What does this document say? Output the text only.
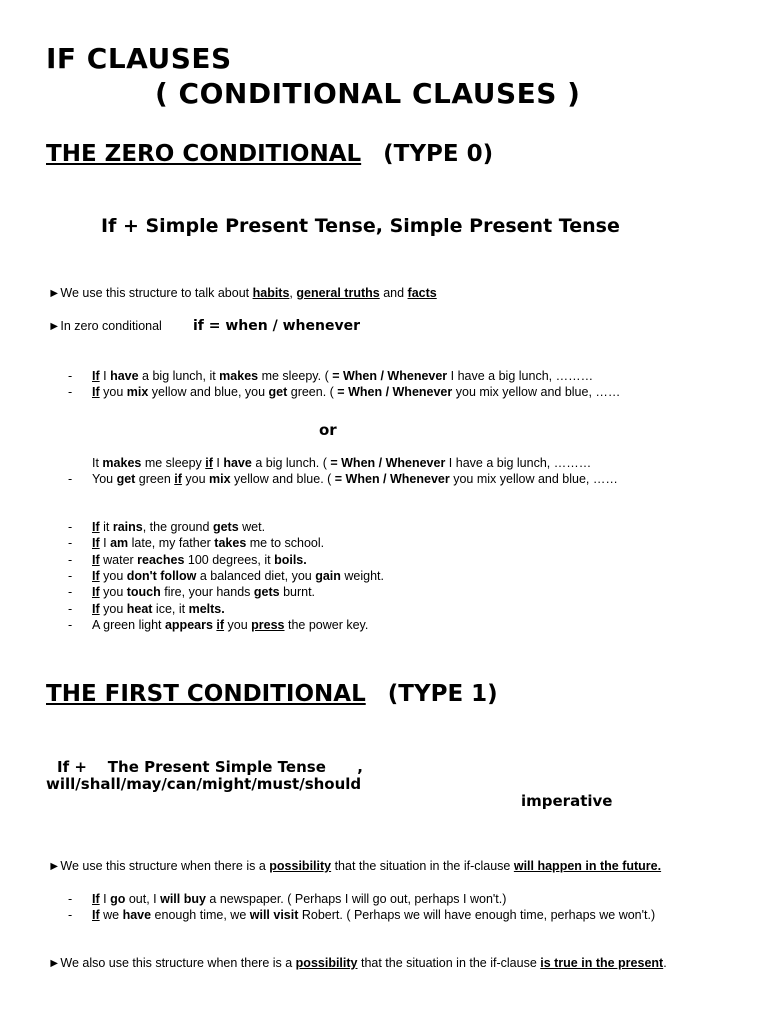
IF CLAUSES
( CONDITIONAL CLAUSES )
THE ZERO CONDITIONAL (TYPE 0)
If + Simple Present Tense, Simple Present Tense
►We use this structure to talk about habits, general truths and facts
►In zero conditional if = when / whenever
- If I have a big lunch, it makes me sleepy. ( = When / Whenever I have a big lunch, ………
- If you mix yellow and blue, you get green. ( = When / Whenever you mix yellow and blue, ……
or
It makes me sleepy if I have a big lunch. ( = When / Whenever I have a big lunch, ………
- You get green if you mix yellow and blue. ( = When / Whenever you mix yellow and blue, ……
- If it rains, the ground gets wet.
- If I am late, my father takes me to school.
- If water reaches 100 degrees, it boils.
- If you don't follow a balanced diet, you gain weight.
- If you touch fire, your hands gets burnt.
- If you heat ice, it melts.
- A green light appears if you press the power key.
THE FIRST CONDITIONAL (TYPE 1)
If +    The Present Simple Tense      ,
will/shall/may/can/might/must/should
imperative
►We use this structure when there is a possibility that the situation in the if-clause will happen in the future.
- If I go out, I will buy a newspaper. ( Perhaps I will go out, perhaps I won't.)
- If we have enough time, we will visit Robert. ( Perhaps we will have enough time, perhaps we won't.)
►We also use this structure when there is a possibility that the situation in the if-clause is true in the present.
